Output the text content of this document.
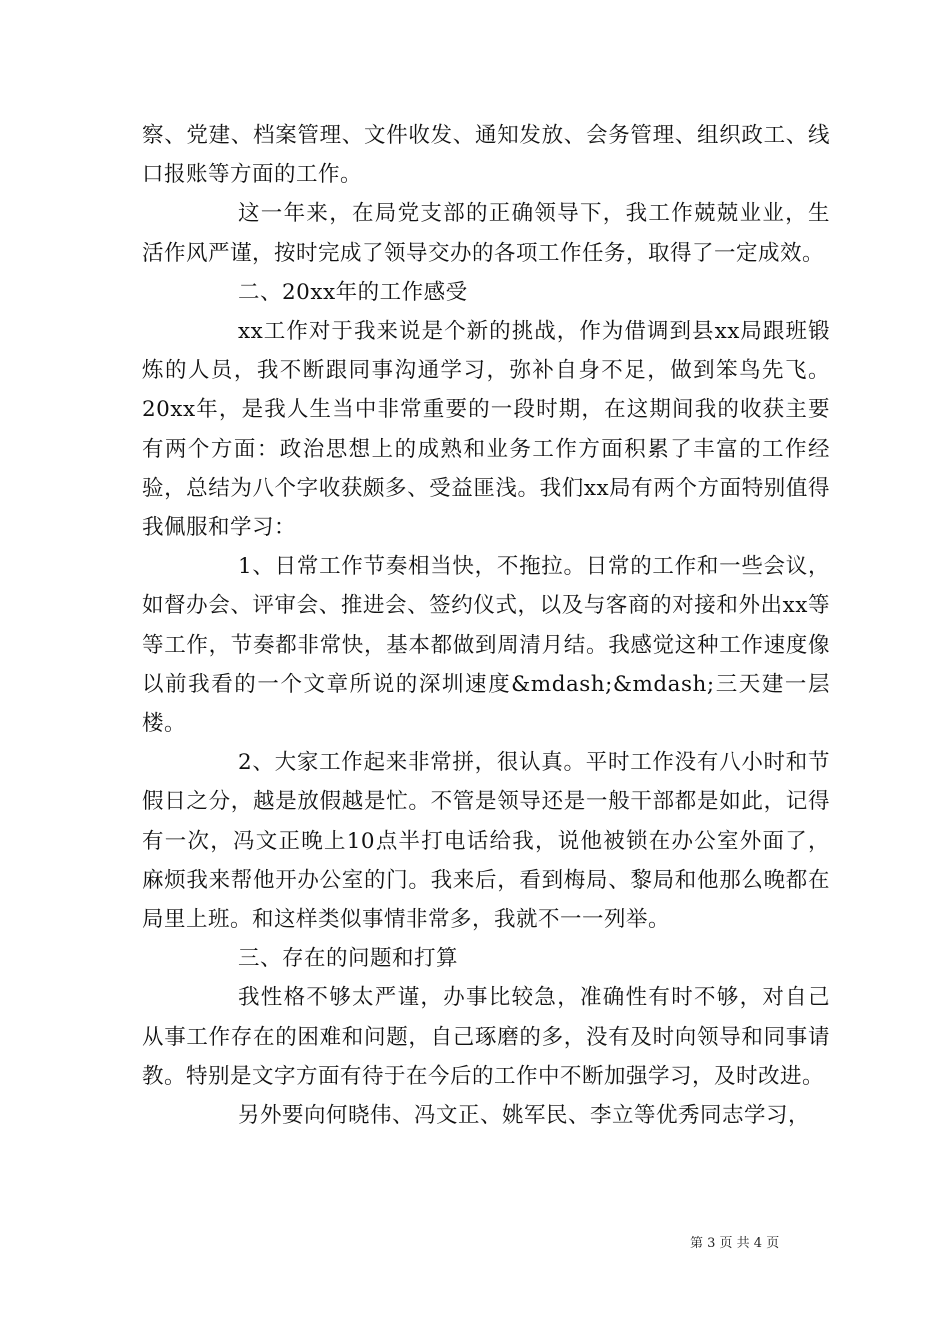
察、党建、档案管理、文件收发、通知发放、会务管理、组织政工、线口报账等方面的工作。

这一年来，在局党支部的正确领导下，我工作兢兢业业，生活作风严谨，按时完成了领导交办的各项工作任务，取得了一定成效。

二、20xx年的工作感受

xx工作对于我来说是个新的挑战，作为借调到县xx局跟班锻炼的人员，我不断跟同事沟通学习，弥补自身不足，做到笨鸟先飞。20xx年，是我人生当中非常重要的一段时期，在这期间我的收获主要有两个方面：政治思想上的成熟和业务工作方面积累了丰富的工作经验，总结为八个字收获颇多、受益匪浅。我们xx局有两个方面特别值得我佩服和学习：

1、日常工作节奏相当快，不拖拉。日常的工作和一些会议，如督办会、评审会、推进会、签约仪式，以及与客商的对接和外出xx等等工作，节奏都非常快，基本都做到周清月结。我感觉这种工作速度像以前我看的一个文章所说的深圳速度&mdash;&mdash;三天建一层楼。

2、大家工作起来非常拼，很认真。平时工作没有八小时和节假日之分，越是放假越是忙。不管是领导还是一般干部都是如此，记得有一次，冯文正晚上10点半打电话给我，说他被锁在办公室外面了，麻烦我来帮他开办公室的门。我来后，看到梅局、黎局和他那么晚都在局里上班。和这样类似事情非常多，我就不一一列举。

三、存在的问题和打算

我性格不够太严谨，办事比较急，准确性有时不够，对自己从事工作存在的困难和问题，自己琢磨的多，没有及时向领导和同事请教。特别是文字方面有待于在今后的工作中不断加强学习，及时改进。

另外要向何晓伟、冯文正、姚军民、李立等优秀同志学习，

第 3 页 共 4 页
